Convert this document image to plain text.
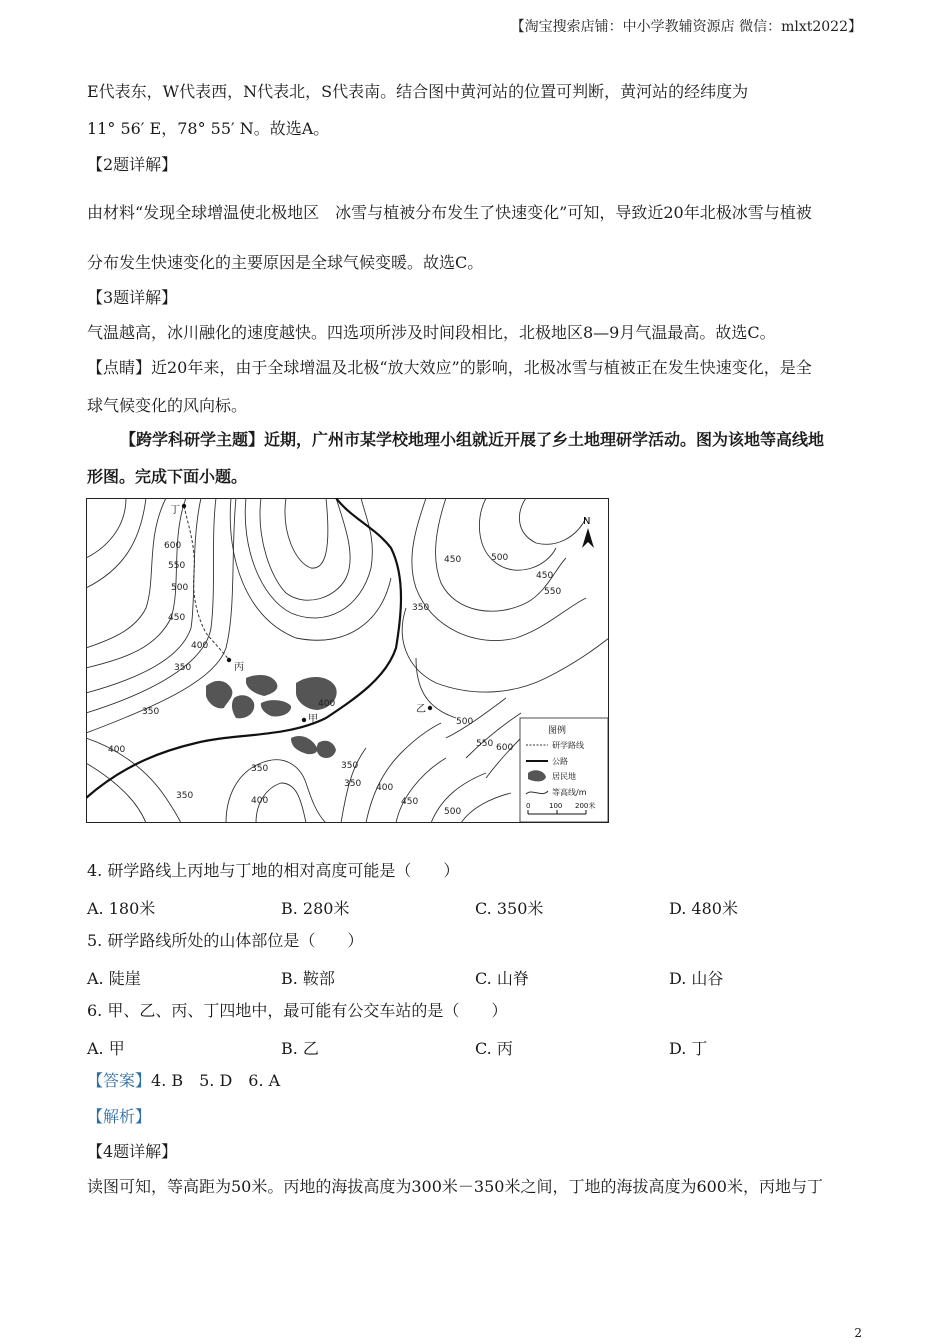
【淘宝搜索店铺：中小学教辅资源店 微信：mlxt2022】
E代表东，W代表西，N代表北，S代表南。结合图中黄河站的位置可判断，黄河站的经纬度为
11° 56′ E，78° 55′ N。故选A。
【2题详解】
由材料“发现全球增温使北极地区　冰雪与植被分布发生了快速变化”可知，导致近20年北极冰雪与植被
分布发生快速变化的主要原因是全球气候变暖。故选C。
【3题详解】
气温越高，冰川融化的速度越快。四选项所涉及时间段相比，北极地区8—9月气温最高。故选C。
【点睛】近20年来，由于全球增温及北极“放大效应”的影响，北极冰雪与植被正在发生快速变化，是全
球气候变化的风向标。
【跨学科研学主题】近期，广州市某学校地理小组就近开展了乡土地理研学活动。图为该地等高线地
形图。完成下面小题。
丁
丙
甲
乙
600
550
500
450
400
350
350
400
350
450	500
350
550
500
550 600
400
350
350 400
450
500
400
350
450
N
图例
研学路线
公路
居民地
等高线/m
0	100 200米
4. 研学路线上丙地与丁地的相对高度可能是（　　）
A. 180米	B. 280米	C. 350米	D. 480米
5. 研学路线所处的山体部位是（　　）
A. 陡崖	B. 鞍部	C. 山脊	D. 山谷
6. 甲、乙、丙、丁四地中，最可能有公交车站的是（　　）
A. 甲	B. 乙	C. 丙	D. 丁
【答案】4. B　5. D　6. A
【解析】
【4题详解】
读图可知，等高距为50米。丙地的海拔高度为300米－350米之间，丁地的海拔高度为600米，丙地与丁
2
